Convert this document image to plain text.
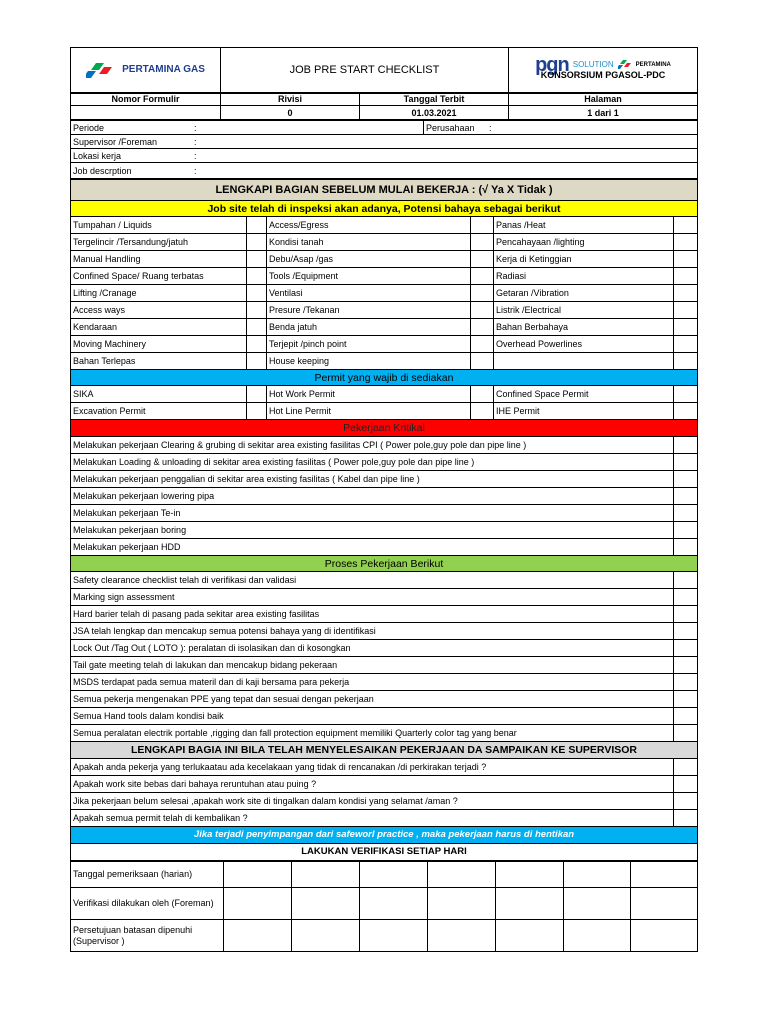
PERTAMINA GAS	JOB PRE START CHECKLIST	pgn SOLUTION	PERTAMINA
KONSORSIUM PGASOL-PDC
Nomor Formulir	Rivisi	Tanggal Terbit	Halaman
	0	01.03.2021	1 dari 1
Periode :		Perusahaan :	

Supervisor /Foreman :			

Lokasi kerja :			

Job descrption :			

LENGKAPI BAGIAN SEBELUM MULAI BEKERJA : (√ Ya X Tidak )					
Job site telah di inspeksi akan adanya, Potensi bahaya sebagai berikut					
Tumpahan / Liquids		Access/Egress		Panas /Heat	
Tergelincir /Tersandung/jatuh		Kondisi tanah		Pencahayaan /lighting	
Manual Handling		Debu/Asap /gas		Kerja di Ketinggian	
Confined Space/ Ruang terbatas		Tools /Equipment		Radiasi	
Lifting /Cranage		Ventilasi		Getaran /Vibration	
Access ways		Presure /Tekanan		Listrik /Electrical	
Kendaraan		Benda jatuh		Bahan Berbahaya	
Moving Machinery		Terjepit /pinch point		Overhead Powerlines	
Bahan Terlepas		House keeping			
Permit yang wajib di sediakan					
SIKA		Hot Work Permit		Confined Space Permit	
Excavation Permit		Hot Line Permit		IHE Permit	
Pekerjaan Kritikal					
Melakukan pekerjaan Clearing & grubing di sekitar area existing fasilitas CPI ( Power pole,guy pole dan pipe line )					
Melakukan Loading & unloading di sekitar area existing fasilitas ( Power pole,guy pole dan pipe line )					
Melakukan pekerjaan penggalian di sekitar area existing fasilitas ( Kabel dan pipe line )					
Melakukan pekerjaan lowering pipa					
Melakukan pekerjaan Te-in					
Melakukan pekerjaan boring					
Melakukan pekerjaan HDD					
Proses Pekerjaan Berikut					
Safety clearance checklist telah di verifikasi dan validasi					
Marking sign assessment					
Hard barier telah di pasang pada sekitar area existing fasilitas					
JSA telah lengkap dan mencakup semua potensi bahaya yang di identifikasi					
Lock Out /Tag Out ( LOTO ): peralatan di isolasikan dan di kosongkan					
Tail gate meeting telah di lakukan dan mencakup bidang pekeraan					
MSDS terdapat pada semua materil dan di kaji bersama para pekerja					
Semua pekerja mengenakan PPE yang tepat dan sesuai dengan pekerjaan					
Semua Hand tools dalam kondisi baik					
Semua peralatan electrik portable ,rigging dan fall protection equipment memiliki Quarterly color tag yang benar					
LENGKAPI BAGIA INI BILA TELAH MENYELESAIKAN PEKERJAAN DA SAMPAIKAN KE SUPERVISOR					
Apakah anda pekerja yang terlukaatau ada kecelakaan yang tidak di rencanakan /di perkirakan terjadi ?					
Apakah work site bebas dari bahaya reruntuhan atau puing ?					
Jika pekerjaan belum selesai ,apakah work site di tingalkan dalam kondisi yang selamat /aman ?					
Apakah semua permit telah di kembalikan ?					
Jika terjadi penyimpangan dari safeworl practice , maka pekerjaan harus di hentikan					
LAKUKAN VERIFIKASI SETIAP HARI					
Tanggal pemeriksaan (harian)							
Verifikasi dilakukan oleh (Foreman)							
Persetujuan batasan dipenuhi (Supervisor )							
